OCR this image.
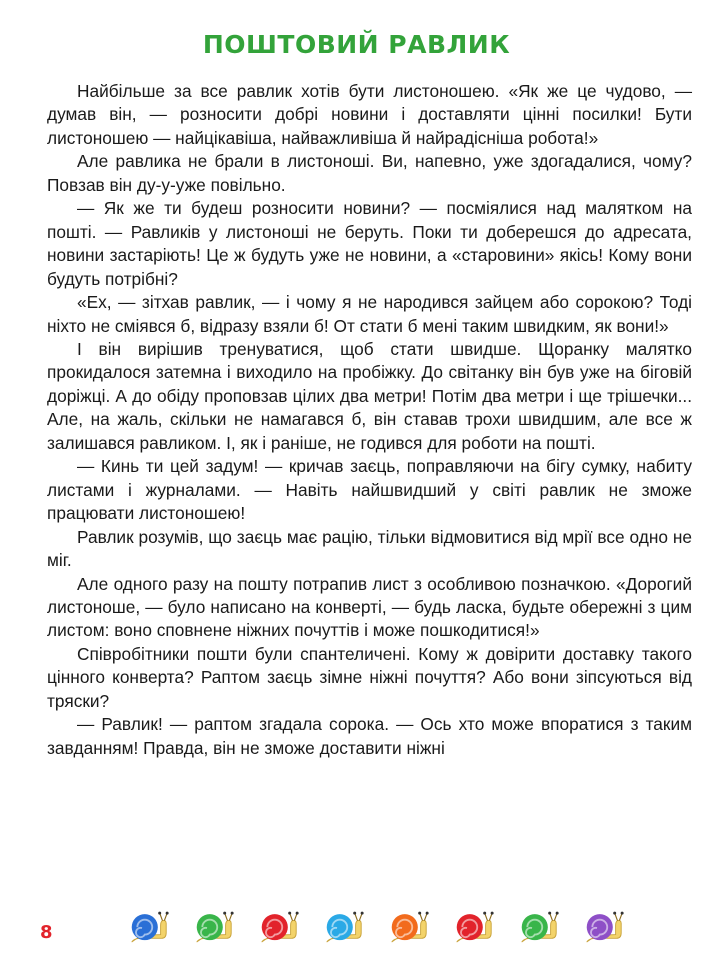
ПОШТОВИЙ РАВЛИК

Найбільше за все равлик хотів бути листоношею. «Як же це чудово, — думав він, — розносити добрі новини і доставляти цінні посилки! Бути листоношею — найцікавіша, найважливіша й найрадісніша робота!»

Але равлика не брали в листоноші. Ви, напевно, уже здогадалися, чому? Повзав він ду-у-уже повільно.

— Як же ти будеш розносити новини? — посміялися над малятком на пошті. — Равликів у листоноші не беруть. Поки ти доберешся до адресата, новини застаріють! Це ж будуть уже не новини, а «старовини» якісь! Кому вони будуть потрібні?

«Ех, — зітхав равлик, — і чому я не народився зайцем або сорокою? Тоді ніхто не сміявся б, відразу взяли б! От стати б мені таким швидким, як вони!»

І він вирішив тренуватися, щоб стати швидше. Щоранку малятко прокидалося затемна і виходило на пробіжку. До світанку він був уже на біговій доріжці. А до обіду проповзав цілих два метри! Потім два метри і ще трішечки... Але, на жаль, скільки не намагався б, він ставав трохи швидшим, але все ж залишався равликом. І, як і раніше, не годився для роботи на пошті.

— Кинь ти цей задум! — кричав заєць, поправляючи на бігу сумку, набиту листами і журналами. — Навіть найшвидший у світі равлик не зможе працювати листоношею!

Равлик розумів, що заєць має рацію, тільки відмовитися від мрії все одно не міг.

Але одного разу на пошту потрапив лист з особливою позначкою. «Дорогий листоноше, — було написано на конверті, — будь ласка, будьте обережні з цим листом: воно сповнене ніжних почуттів і може пошкодитися!»

Співробітники пошти були спантеличені. Кому ж довірити доставку такого цінного конверта? Раптом заєць зімне ніжні почуття? Або вони зіпсуються від тряски?

— Равлик! — раптом згадала сорока. — Ось хто може впоратися з таким завданням! Правда, він не зможе доставити ніжні

8
